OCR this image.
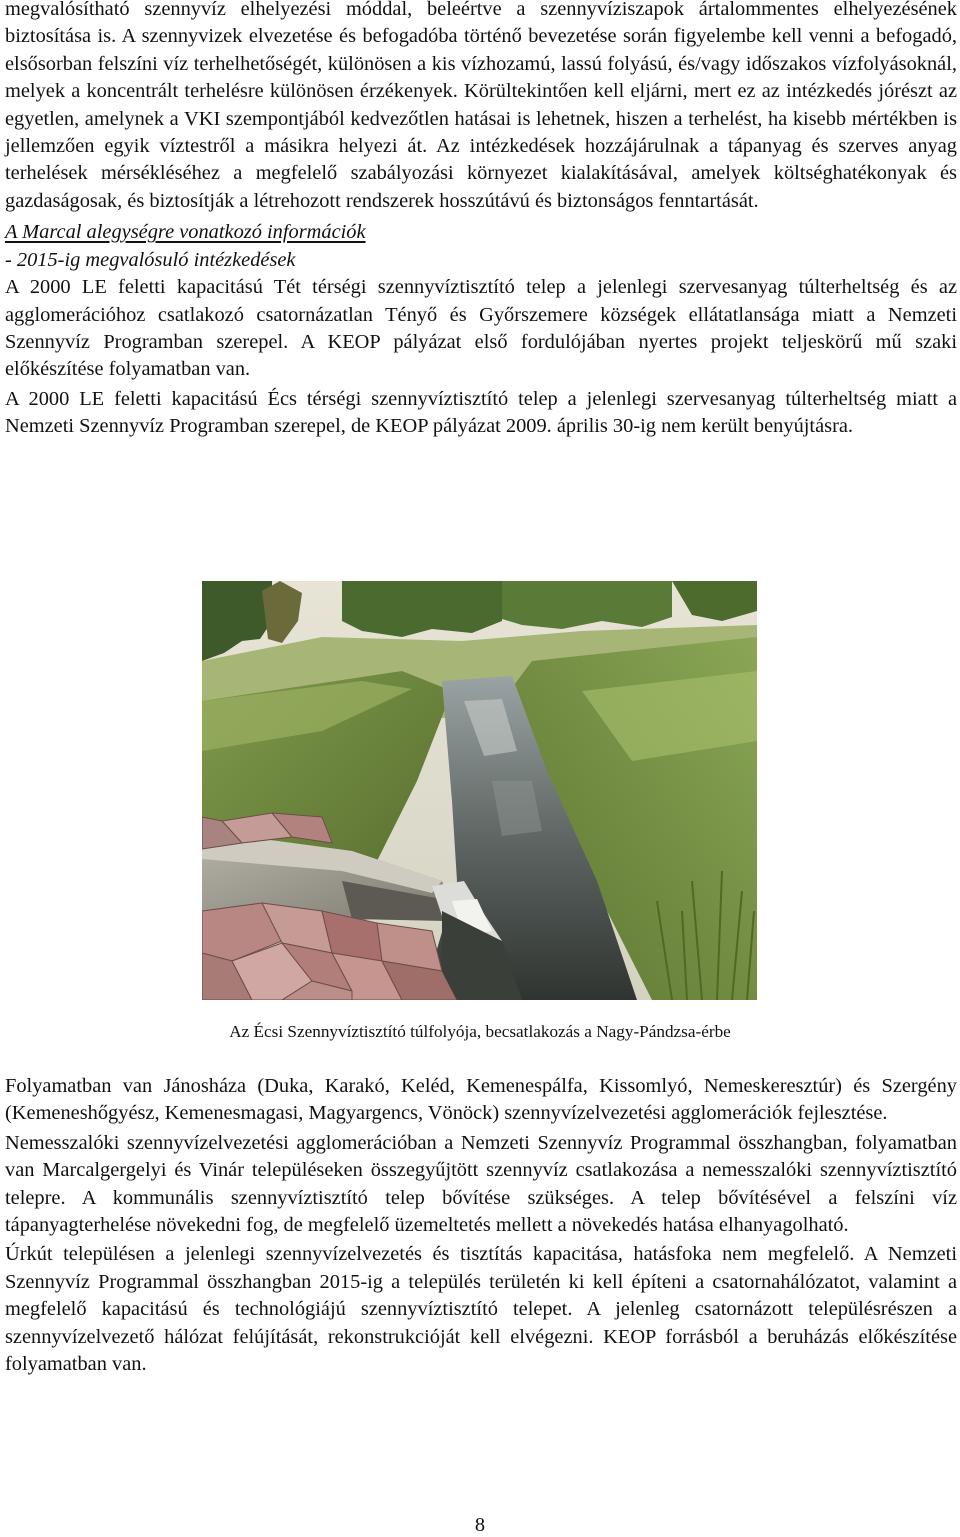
megvalósítható szennyvíz elhelyezési móddal, beleértve a szennyvíziszapok ártalommentes elhelyezésének biztosítása is. A szennyvizek elvezetése és befogadóba történő bevezetése során figyelembe kell venni a befogadó, elsősorban felszíni víz terhelhetőségét, különösen a kis vízhozamú, lassú folyású, és/vagy időszakos vízfolyásoknál, melyek a koncentrált terhelésre különösen érzékenyek. Körültekintően kell eljárni, mert ez az intézkedés jórészt az egyetlen, amelynek a VKI szempontjából kedvezőtlen hatásai is lehetnek, hiszen a terhelést, ha kisebb mértékben is jellemzően egyik víztestről a másikra helyezi át. Az intézkedések hozzájárulnak a tápanyag és szerves anyag terhelések mérsékléséhez a megfelelő szabályozási környezet kialakításával, amelyek költséghatékonyak és gazdaságosak, és biztosítják a létrehozott rendszerek hosszútávú és biztonságos fenntartását.

A Marcal alegységre vonatkozó információk

- 2015-ig megvalósuló intézkedések

A 2000 LE feletti kapacitású Tét térségi szennyvíztisztító telep a jelenlegi szervesanyag túlterheltség és az agglomerációhoz csatlakozó csatornázatlan Tényő és Győrszemere községek ellátatlansága miatt a Nemzeti Szennyvíz Programban szerepel. A KEOP pályázat első fordulójában nyertes projekt teljeskörű mű szaki előkészítése folyamatban van.

A 2000 LE feletti kapacitású Écs térségi szennyvíztisztító telep a jelenlegi szervesanyag túlterheltség miatt a Nemzeti Szennyvíz Programban szerepel, de KEOP pályázat 2009. április 30-ig nem került benyújtásra.

Az Écsi Szennyvíztisztító túlfolyója, becsatlakozás a Nagy-Pándzsa-érbe

Folyamatban van Jánosháza (Duka, Karakó, Keléd, Kemenespálfa, Kissomlyó, Nemeskeresztúr) és Szergény (Kemeneshőgyész, Kemenesmagasi, Magyargencs, Vönöck) szennyvízelvezetési agglomerációk fejlesztése.

Nemesszalóki szennyvízelvezetési agglomerációban a Nemzeti Szennyvíz Programmal összhangban, folyamatban van Marcalgergelyi és Vinár településeken összegyűjtött szennyvíz csatlakozása a nemesszalóki szennyvíztisztító telepre. A kommunális szennyvíztisztító telep bővítése szükséges. A telep bővítésével a felszíni víz tápanyagterhelése növekedni fog, de megfelelő üzemeltetés mellett a növekedés hatása elhanyagolható.

Úrkút településen a jelenlegi szennyvízelvezetés és tisztítás kapacitása, hatásfoka nem megfelelő. A Nemzeti Szennyvíz Programmal összhangban 2015-ig a település területén ki kell építeni a csatornahálózatot, valamint a megfelelő kapacitású és technológiájú szennyvíztisztító telepet. A jelenleg csatornázott településrészen a szennyvízelvezető hálózat felújítását, rekonstrukcióját kell elvégezni. KEOP forrásból a beruházás előkészítése folyamatban van.

8
